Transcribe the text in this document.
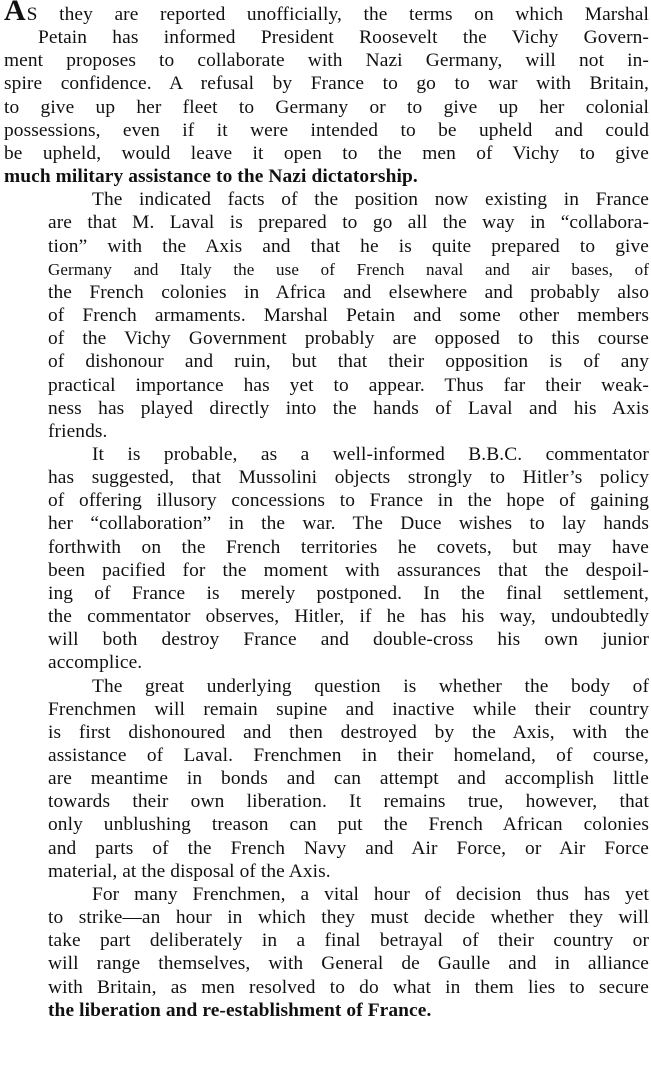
AS they are reported unofficially, the terms on which Marshal
Petain has informed President Roosevelt the Vichy Govern-
ment proposes to collaborate with Nazi Germany, will not in-
spire confidence. A refusal by France to go to war with Britain,
to give up her fleet to Germany or to give up her colonial
possessions, even if it were intended to be upheld and could
be upheld, would leave it open to the men of Vichy to give
much military assistance to the Nazi dictatorship.

The indicated facts of the position now existing in France
are that M. Laval is prepared to go all the way in “collabora-
tion” with the Axis and that he is quite prepared to give
Germany and Italy the use of French naval and air bases, of
the French colonies in Africa and elsewhere and probably also
of French armaments. Marshal Petain and some other members
of the Vichy Government probably are opposed to this course
of dishonour and ruin, but that their opposition is of any
practical importance has yet to appear. Thus far their weak-
ness has played directly into the hands of Laval and his Axis
friends.

It is probable, as a well-informed B.B.C. commentator
has suggested, that Mussolini objects strongly to Hitler’s policy
of offering illusory concessions to France in the hope of gaining
her “collaboration” in the war. The Duce wishes to lay hands
forthwith on the French territories he covets, but may have
been pacified for the moment with assurances that the despoil-
ing of France is merely postponed. In the final settlement,
the commentator observes, Hitler, if he has his way, undoubtedly
will both destroy France and double-cross his own junior
accomplice.

The great underlying question is whether the body of
Frenchmen will remain supine and inactive while their country
is first dishonoured and then destroyed by the Axis, with the
assistance of Laval. Frenchmen in their homeland, of course,
are meantime in bonds and can attempt and accomplish little
towards their own liberation. It remains true, however, that
only unblushing treason can put the French African colonies
and parts of the French Navy and Air Force, or Air Force
material, at the disposal of the Axis.

For many Frenchmen, a vital hour of decision thus has yet
to strike—an hour in which they must decide whether they will
take part deliberately in a final betrayal of their country or
will range themselves, with General de Gaulle and in alliance
with Britain, as men resolved to do what in them lies to secure
the liberation and re-establishment of France.
